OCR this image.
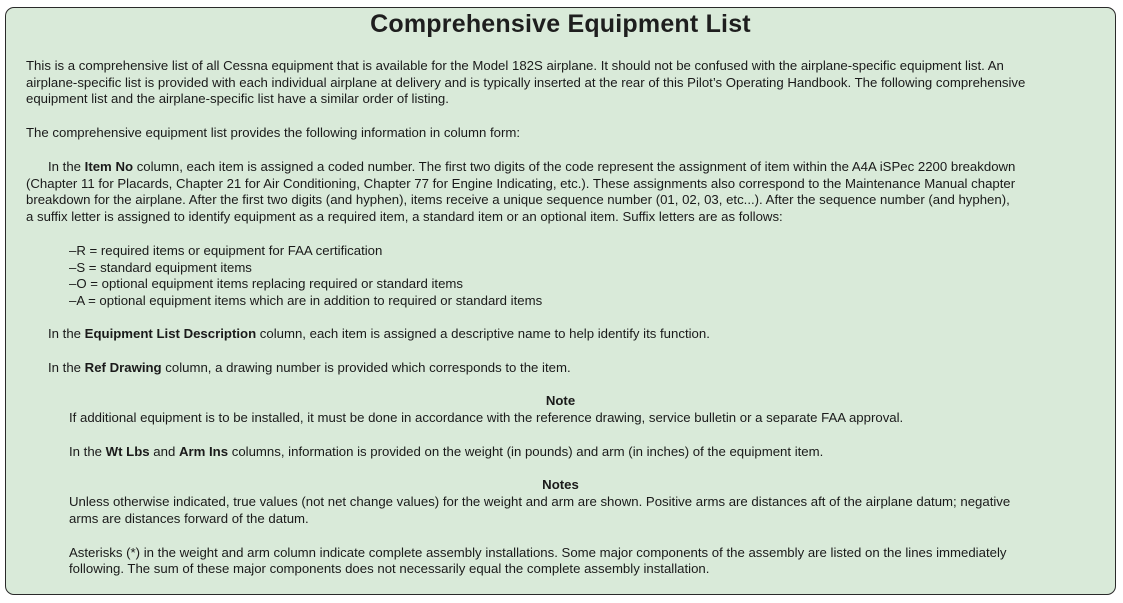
Comprehensive Equipment List
This is a comprehensive list of all Cessna equipment that is available for the Model 182S airplane. It should not be confused with the airplane-specific equipment list. An
airplane-specific list is provided with each individual airplane at delivery and is typically inserted at the rear of this Pilot’s Operating Handbook. The following comprehensive
equipment list and the airplane-specific list have a similar order of listing.
The comprehensive equipment list provides the following information in column form:
In the Item No column, each item is assigned a coded number. The first two digits of the code represent the assignment of item within the A4A iSPec 2200 breakdown
(Chapter 11 for Placards, Chapter 21 for Air Conditioning, Chapter 77 for Engine Indicating, etc.). These assignments also correspond to the Maintenance Manual chapter
breakdown for the airplane. After the first two digits (and hyphen), items receive a unique sequence number (01, 02, 03, etc...). After the sequence number (and hyphen),
a suffix letter is assigned to identify equipment as a required item, a standard item or an optional item. Suffix letters are as follows:
–R = required items or equipment for FAA certification
–S = standard equipment items
–O = optional equipment items replacing required or standard items
–A = optional equipment items which are in addition to required or standard items
In the Equipment List Description column, each item is assigned a descriptive name to help identify its function.
In the Ref Drawing column, a drawing number is provided which corresponds to the item.
Note
If additional equipment is to be installed, it must be done in accordance with the reference drawing, service bulletin or a separate FAA approval.
In the Wt Lbs and Arm Ins columns, information is provided on the weight (in pounds) and arm (in inches) of the equipment item.
Notes
Unless otherwise indicated, true values (not net change values) for the weight and arm are shown. Positive arms are distances aft of the airplane datum; negative
arms are distances forward of the datum.
Asterisks (*) in the weight and arm column indicate complete assembly installations. Some major components of the assembly are listed on the lines immediately
following. The sum of these major components does not necessarily equal the complete assembly installation.
